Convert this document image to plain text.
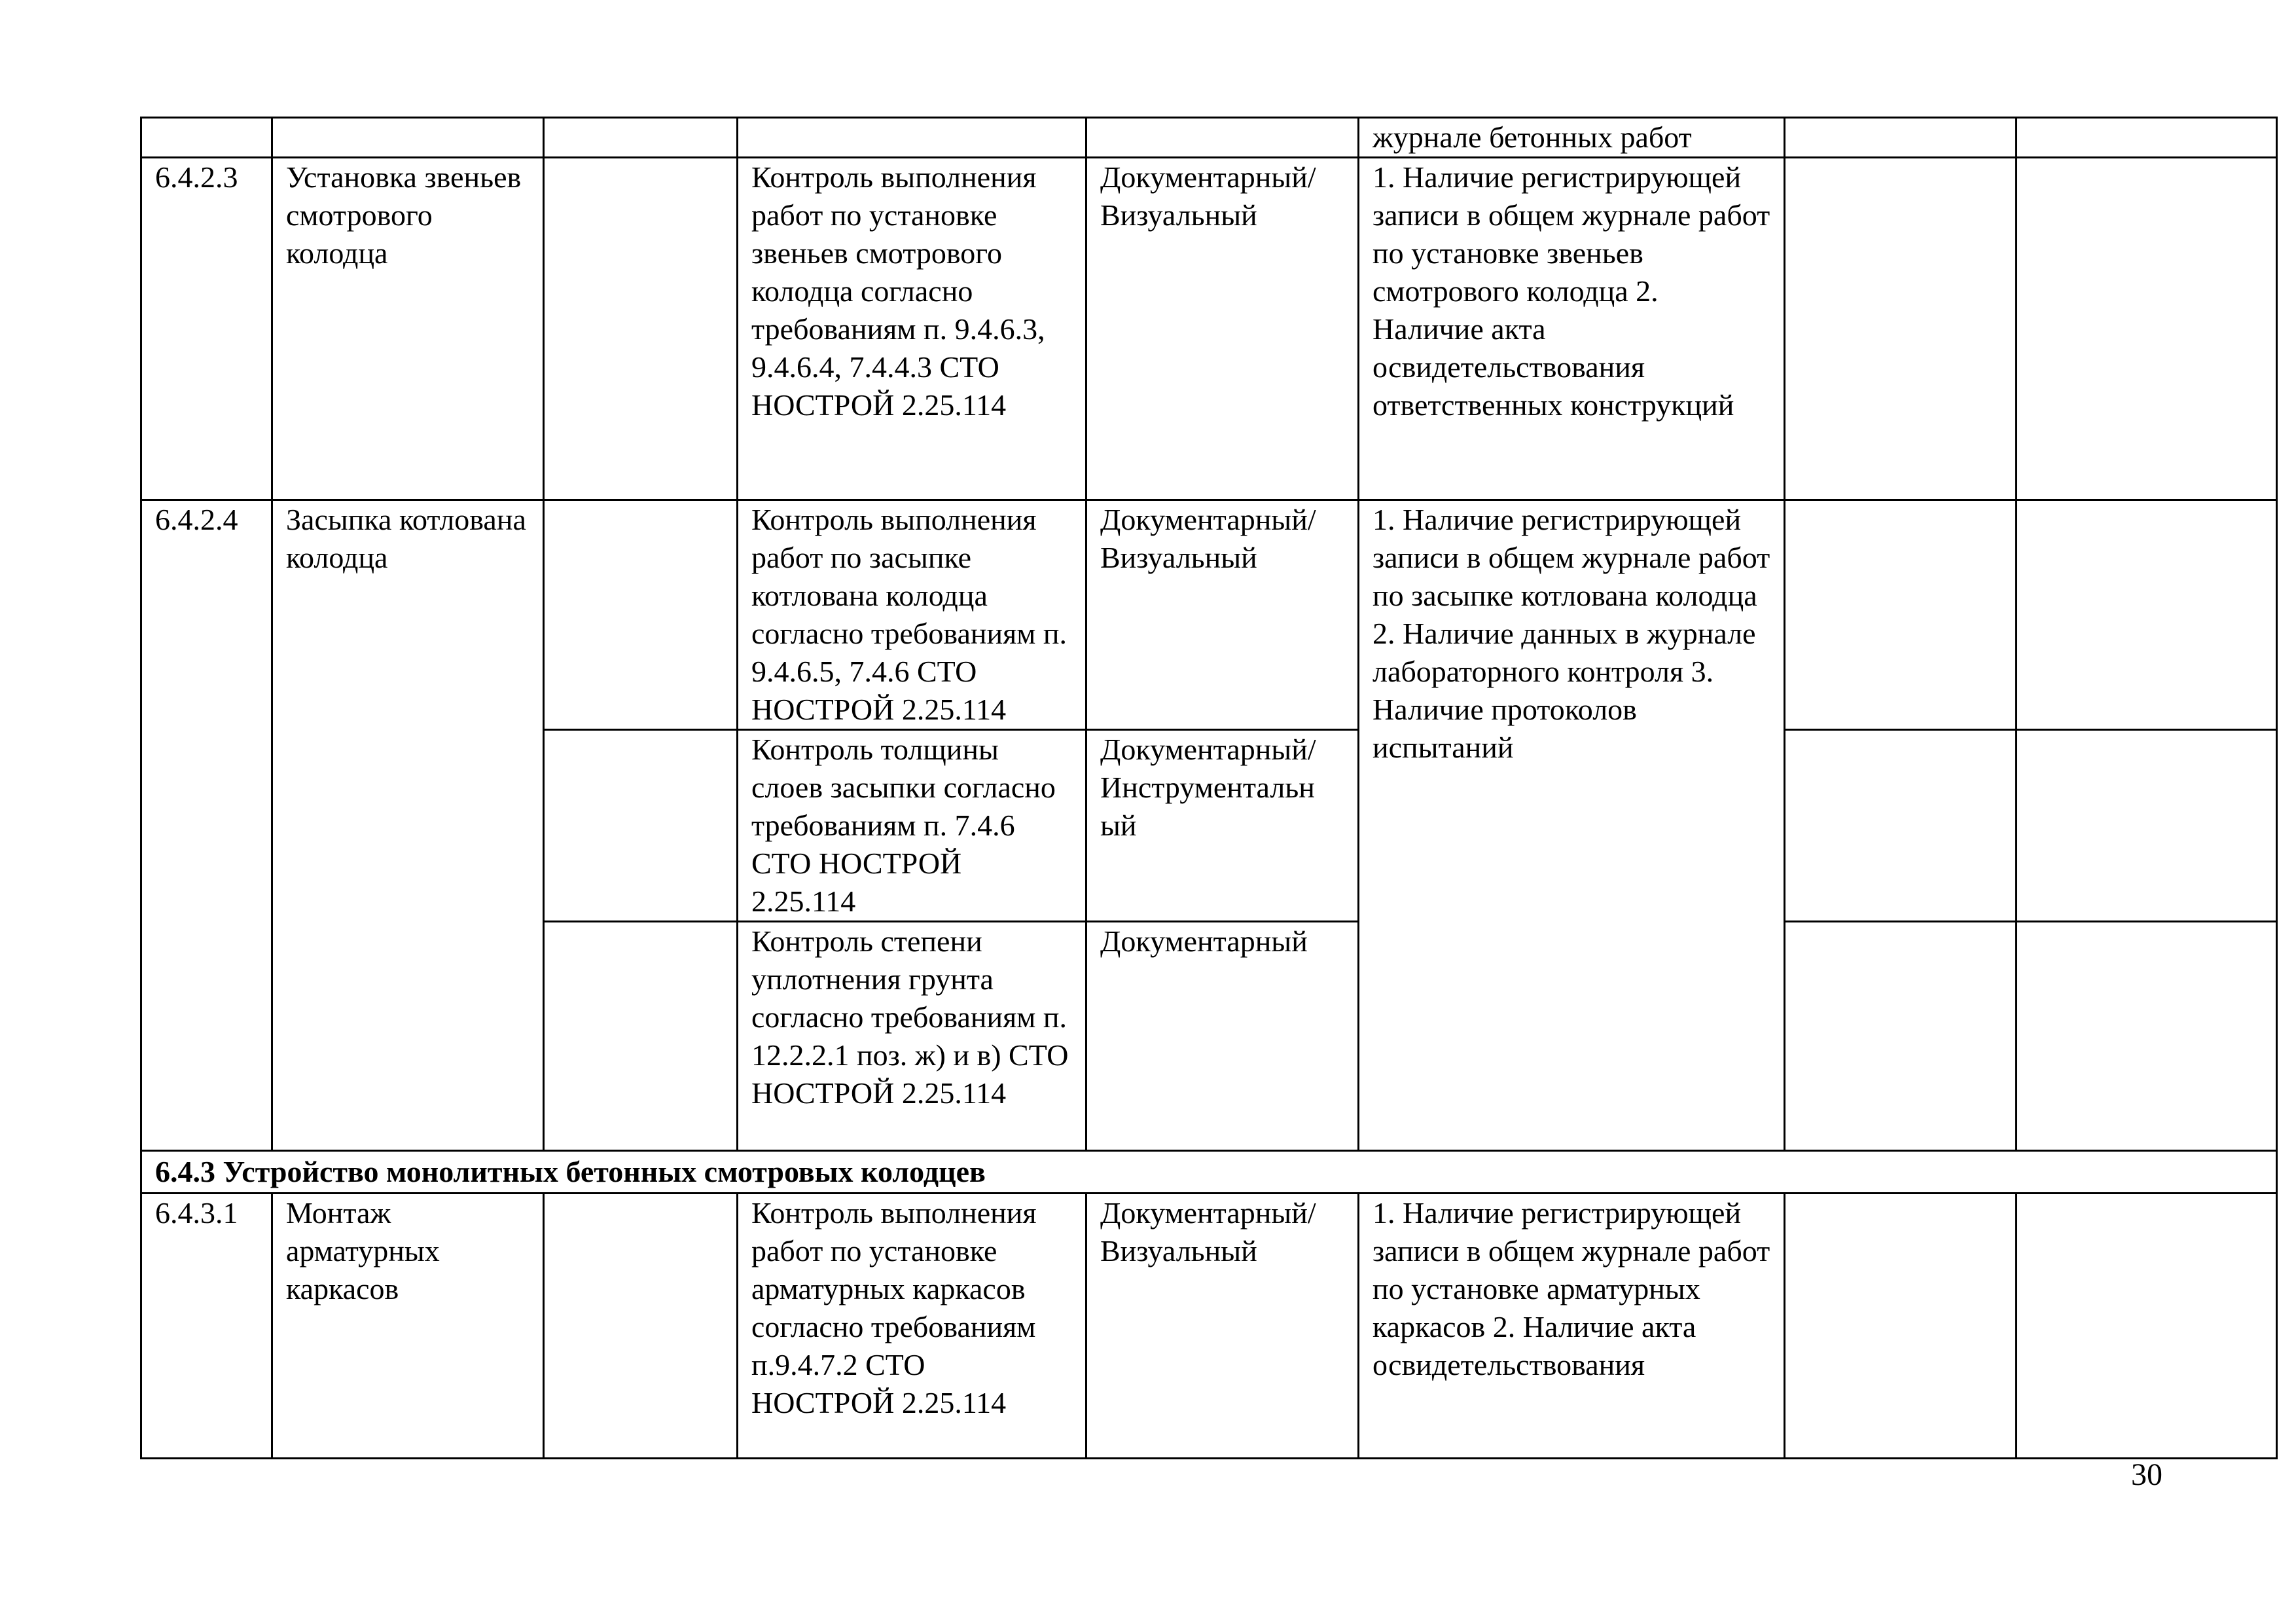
					журнале бетонных работ		
6.4.2.3	Установка звеньев смотрового колодца		Контроль выполнения работ по установке звеньев смотрового колодца согласно требованиям п. 9.4.6.3, 9.4.6.4, 7.4.4.3 СТО НОСТРОЙ 2.25.114	Документарный/ Визуальный	1. Наличие регистрирующей записи в общем журнале работ по установке звеньев смотрового колодца 2. Наличие акта освидетельствования ответственных конструкций		
6.4.2.4	Засыпка котлована колодца		Контроль выполнения работ по засыпке котлована колодца согласно требованиям п. 9.4.6.5, 7.4.6 СТО НОСТРОЙ 2.25.114	Документарный/ Визуальный	1. Наличие регистрирующей записи в общем журнале работ по засыпке котлована колодца 2. Наличие данных в журнале лабораторного контроля 3. Наличие протоколов испытаний		
			Контроль толщины слоев засыпки согласно требованиям п. 7.4.6 СТО НОСТРОЙ 2.25.114	Документарный/ Инструментальн ый			
			Контроль степени уплотнения грунта согласно требованиям п. 12.2.2.1 поз. ж) и в) СТО НОСТРОЙ 2.25.114	Документарный			
6.4.3 Устройство монолитных бетонных смотровых колодцев							
6.4.3.1	Монтаж арматурных каркасов		Контроль выполнения работ по установке арматурных каркасов согласно требованиям п.9.4.7.2 СТО НОСТРОЙ 2.25.114	Документарный/ Визуальный	1. Наличие регистрирующей записи в общем журнале работ по установке арматурных каркасов 2. Наличие акта освидетельствования		
30
